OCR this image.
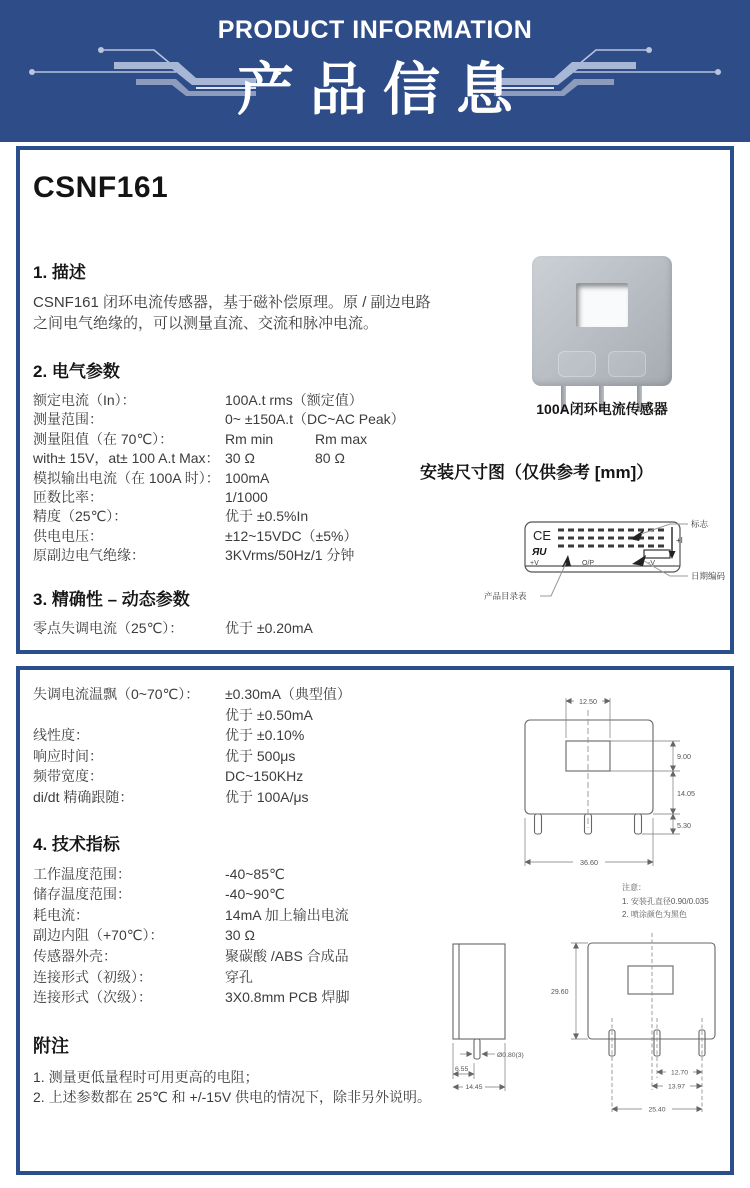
PRODUCT INFORMATION
产品信息
CSNF161
1. 描述

CSNF161 闭环电流传感器，基于磁补偿原理。原 / 副边电路之间电气绝缘的，可以测量直流、交流和脉冲电流。

2. 电气参数
额定电流（In）：	100A.t rms（额定值）
测量范围：	0~ ±150A.t（DC~AC Peak）
测量阻值（在 70℃）：	Rm min	Rm max
with± 15V，at± 100 A.t Max： 30 Ω	80 Ω
模拟输出电流（在 100A 时）： 100mA
匝数比率：	1/1000
精度（25℃）：	优于 ±0.5%In
供电电压：	±12~15VDC（±5%）
原副边电气绝缘：	3KVrms/50Hz/1 分钟
3. 精确性 – 动态参数
零点失调电流（25℃）：	优于 ±0.20mA
100A闭环电流传感器
安装尺寸图（仅供参考 [mm]）
CE
ЯU
+V	O/P	-V
+I
标志
日期编码
产品目录表
失调电流温飘（0~70℃）：	±0.30mA（典型值）
优于 ±0.50mA
线性度：	优于 ±0.10%
响应时间：	优于 500μs
频带宽度：	DC~150KHz
di/dt 精确跟随：	优于 100A/μs
4. 技术指标
工作温度范围：	-40~85℃
储存温度范围：	-40~90℃
耗电流：	14mA 加上输出电流
副边内阻（+70℃）：	30 Ω
传感器外壳：	聚碳酸 /ABS 合成品
连接形式（初级）：	穿孔
连接形式（次级）：	3X0.8mm PCB 焊脚
附注
1. 测量更低量程时可用更高的电阻；
2. 上述参数都在 25℃ 和 +/-15V 供电的情况下，除非另外说明。
12.50
9.00
14.05
5.30
36.60
注意：
1. 安装孔直径0.90/0.035
2. 喷涂颜色为黑色
Ø0.80(3)
6.55
14.45
29.60
12.70
13.97
25.40
